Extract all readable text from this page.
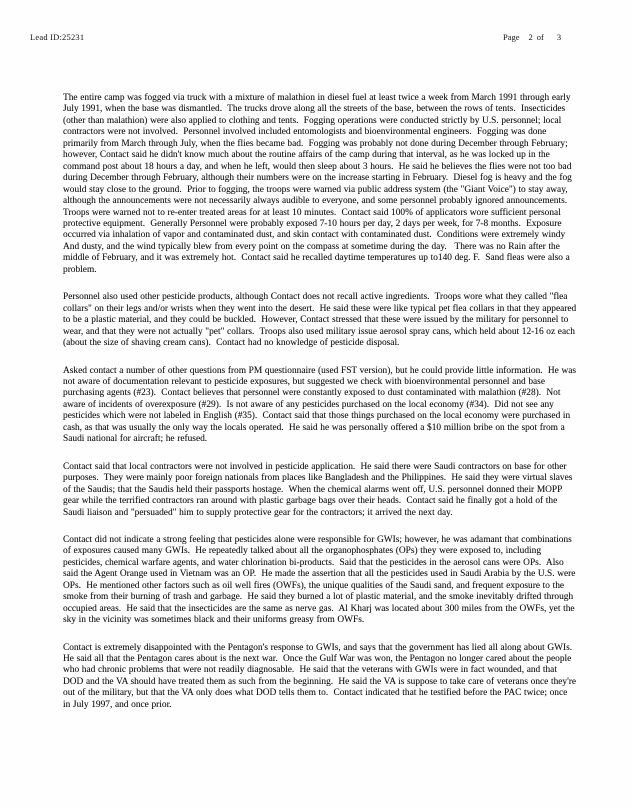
Lead ID:25231	Page 2 of 3

The entire camp was fogged via truck with a mixture of malathion in diesel fuel at least twice a week from March 1991 through early July 1991, when the base was dismantled.  The trucks drove along all the streets of the base, between the rows of tents.  Insecticides (other than malathion) were also applied to clothing and tents.  Fogging operations were conducted strictly by U.S. personnel; local contractors were not involved.  Personnel involved included entomologists and bioenvironmental engineers.  Fogging was done primarily from March through July, when the flies became bad.  Fogging was probably not done during December through February; however, Contact said he didn't know much about the routine affairs of the camp during that interval, as he was locked up in the command post about 18 hours a day, and when he left, would then sleep about 3 hours.  He said he believes the flies were not too bad during December through February, although their numbers were on the increase starting in February.  Diesel fog is heavy and the fog would stay close to the ground.  Prior to fogging, the troops were warned via public address system (the "Giant Voice") to stay away, although the announcements were not necessarily always audible to everyone, and some personnel probably ignored announcements.  Troops were warned not to re-enter treated areas for at least 10 minutes.  Contact said 100% of applicators wore sufficient personal protective equipment.  Generally Personnel were probably exposed 7-10 hours per day, 2 days per week, for 7-8 months.  Exposure occurred via inhalation of vapor and contaminated dust, and skin contact with contaminated dust.  Conditions were extremely windy And dusty, and the wind typically blew from every point on the compass at sometime during the day.   There was no Rain after the middle of February, and it was extremely hot.  Contact said he recalled daytime temperatures up to140 deg. F.  Sand fleas were also a problem.

Personnel also used other pesticide products, although Contact does not recall active ingredients.  Troops wore what they called "flea collars" on their legs and/or wrists when they went into the desert.  He said these were like typical pet flea collars in that they appeared to be a plastic material, and they could be buckled.  However, Contact stressed that these were issued by the military for personnel to wear, and that they were not actually "pet" collars.  Troops also used military issue aerosol spray cans, which held about 12-16 oz each (about the size of shaving cream cans).  Contact had no knowledge of pesticide disposal.

Asked contact a number of other questions from PM questionnaire (used FST version), but he could provide little information.  He was not aware of documentation relevant to pesticide exposures, but suggested we check with bioenvironmental personnel and base purchasing agents (#23).  Contact believes that personnel were constantly exposed to dust contaminated with malathion (#28).  Not aware of incidents of overexposure (#29).  Is not aware of any pesticides purchased on the local economy (#34).  Did not see any pesticides which were not labeled in English (#35).  Contact said that those things purchased on the local economy were purchased in cash, as that was usually the only way the locals operated.  He said he was personally offered a $10 million bribe on the spot from a Saudi national for aircraft; he refused.

Contact said that local contractors were not involved in pesticide application.  He said there were Saudi contractors on base for other purposes.  They were mainly poor foreign nationals from places like Bangladesh and the Philippines.  He said they were virtual slaves of the Saudis; that the Saudis held their passports hostage.  When the chemical alarms went off, U.S. personnel donned their MOPP gear while the terrified contractors ran around with plastic garbage bags over their heads.  Contact said he finally got a hold of the Saudi liaison and "persuaded" him to supply protective gear for the contractors; it arrived the next day.

Contact did not indicate a strong feeling that pesticides alone were responsible for GWIs; however, he was adamant that combinations of exposures caused many GWIs.  He repeatedly talked about all the organophosphates (OPs) they were exposed to, including pesticides, chemical warfare agents, and water chlorination bi-products.  Said that the pesticides in the aerosol cans were OPs.  Also said the Agent Orange used in Vietnam was an OP.  He made the assertion that all the pesticides used in Saudi Arabia by the U.S. were OPs.  He mentioned other factors such as oil well fires (OWFs), the unique qualities of the Saudi sand, and frequent exposure to the smoke from their burning of trash and garbage.  He said they burned a lot of plastic material, and the smoke inevitably drifted through occupied areas.  He said that the insecticides are the same as nerve gas.  Al Kharj was located about 300 miles from the OWFs, yet the sky in the vicinity was sometimes black and their uniforms greasy from OWFs.

Contact is extremely disappointed with the Pentagon's response to GWIs, and says that the government has lied all along about GWIs.  He said all that the Pentagon cares about is the next war.  Once the Gulf War was won, the Pentagon no longer cared about the people who had chronic problems that were not readily diagnosable.  He said that the veterans with GWIs were in fact wounded, and that DOD and the VA should have treated them as such from the beginning.  He said the VA is suppose to take care of veterans once they're out of the military, but that the VA only does what DOD tells them to.  Contact indicated that he testified before the PAC twice; once in July 1997, and once prior.
